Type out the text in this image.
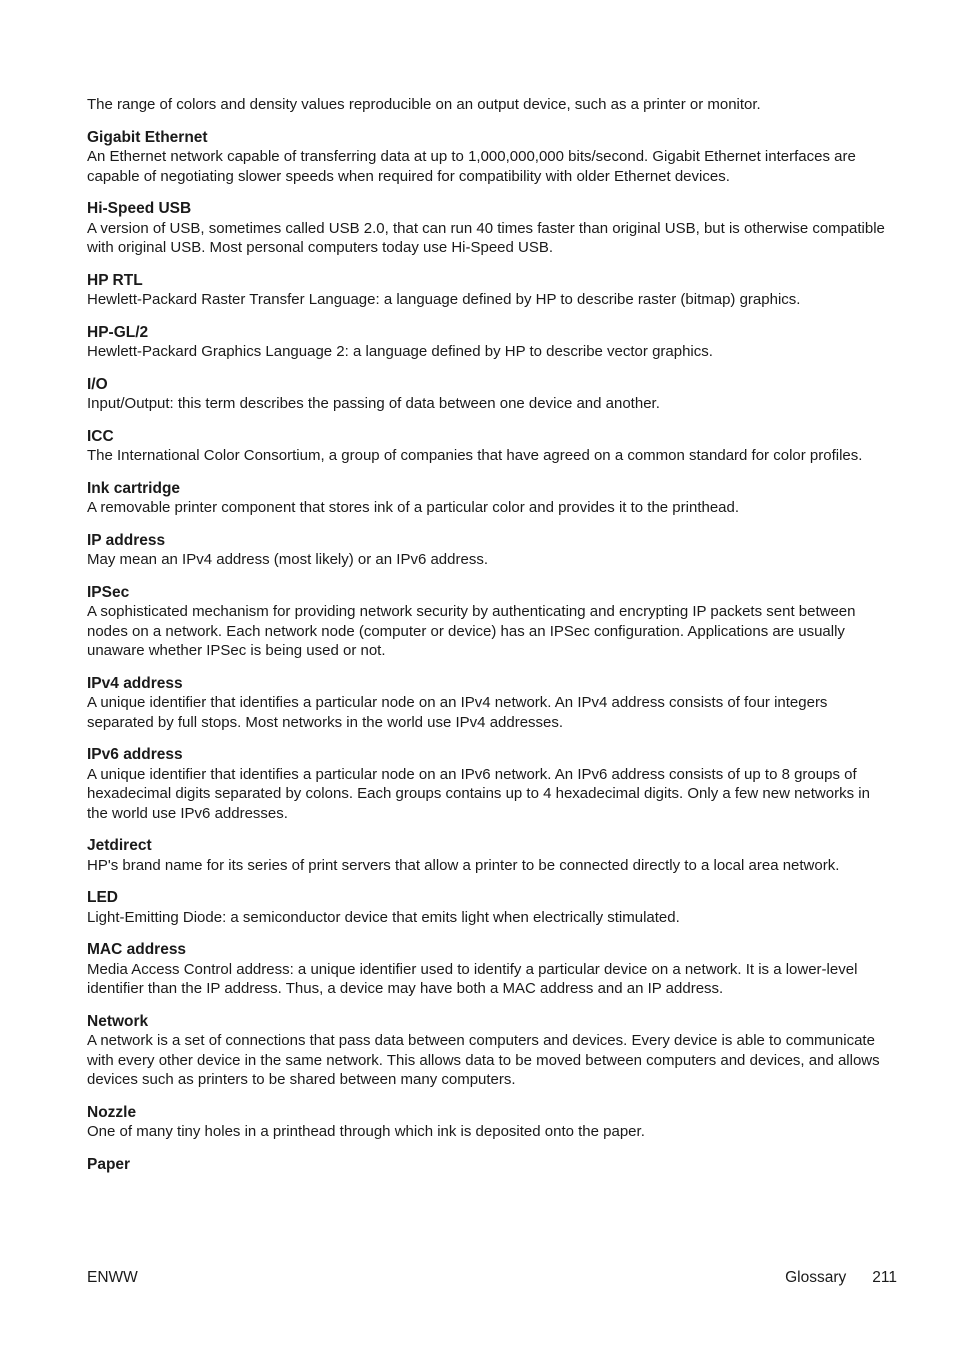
The range of colors and density values reproducible on an output device, such as a printer or monitor.

Gigabit Ethernet

An Ethernet network capable of transferring data at up to 1,000,000,000 bits/second. Gigabit Ethernet interfaces are capable of negotiating slower speeds when required for compatibility with older Ethernet devices.

Hi-Speed USB

A version of USB, sometimes called USB 2.0, that can run 40 times faster than original USB, but is otherwise compatible with original USB. Most personal computers today use Hi-Speed USB.

HP RTL

Hewlett-Packard Raster Transfer Language: a language defined by HP to describe raster (bitmap) graphics.

HP-GL/2

Hewlett-Packard Graphics Language 2: a language defined by HP to describe vector graphics.

I/O

Input/Output: this term describes the passing of data between one device and another.

ICC

The International Color Consortium, a group of companies that have agreed on a common standard for color profiles.

Ink cartridge

A removable printer component that stores ink of a particular color and provides it to the printhead.

IP address

May mean an IPv4 address (most likely) or an IPv6 address.

IPSec

A sophisticated mechanism for providing network security by authenticating and encrypting IP packets sent between nodes on a network. Each network node (computer or device) has an IPSec configuration. Applications are usually unaware whether IPSec is being used or not.

IPv4 address

A unique identifier that identifies a particular node on an IPv4 network. An IPv4 address consists of four integers separated by full stops. Most networks in the world use IPv4 addresses.

IPv6 address

A unique identifier that identifies a particular node on an IPv6 network. An IPv6 address consists of up to 8 groups of hexadecimal digits separated by colons. Each groups contains up to 4 hexadecimal digits. Only a few new networks in the world use IPv6 addresses.

Jetdirect

HP's brand name for its series of print servers that allow a printer to be connected directly to a local area network.

LED

Light-Emitting Diode: a semiconductor device that emits light when electrically stimulated.

MAC address

Media Access Control address: a unique identifier used to identify a particular device on a network. It is a lower-level identifier than the IP address. Thus, a device may have both a MAC address and an IP address.

Network

A network is a set of connections that pass data between computers and devices. Every device is able to communicate with every other device in the same network. This allows data to be moved between computers and devices, and allows devices such as printers to be shared between many computers.

Nozzle

One of many tiny holes in a printhead through which ink is deposited onto the paper.

Paper

ENWW	Glossary 211
